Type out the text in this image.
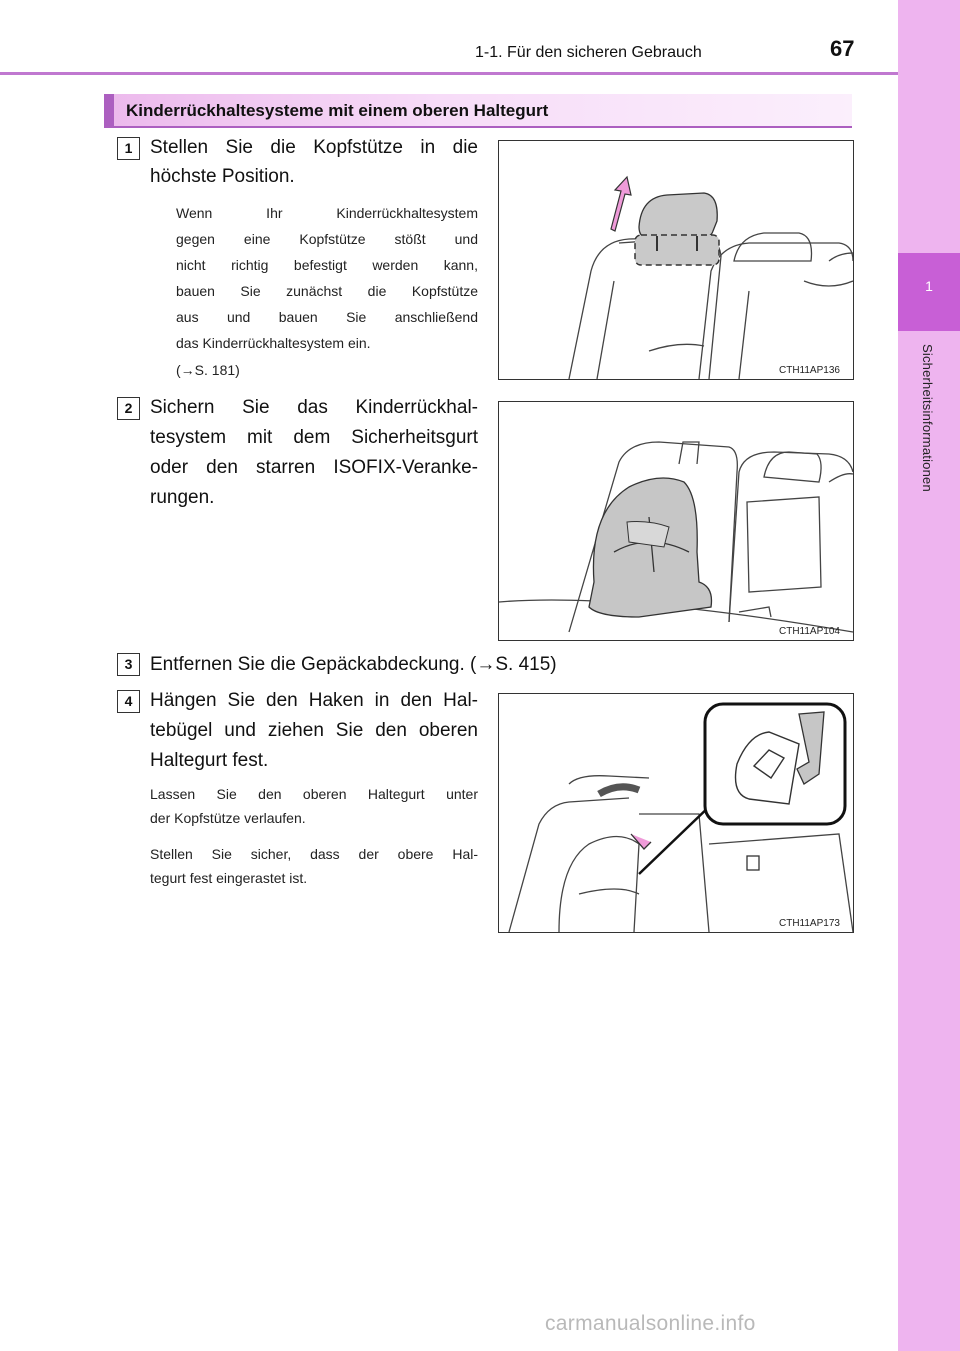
1
Sicherheitsinformationen
1-1. Für den sicheren Gebrauch	67
Kinderrückhaltesysteme mit einem oberen Haltegurt
1 Stellen Sie die Kopfstütze in die
höchste Position.
Wenn Ihr Kinderrückhaltesystem
gegen eine Kopfstütze stößt und
nicht richtig befestigt werden kann,
bauen Sie zunächst die Kopfstütze
aus und bauen Sie anschließend
das Kinderrückhaltesystem ein.
(→S. 181)	CTH11AP136
2 Sichern Sie das Kinderrückhal-
tesystem mit dem Sicherheitsgurt
oder den starren ISOFIX-Veranke-
rungen.
CTH11AP104
3 Entfernen Sie die Gepäckabdeckung. (→S. 415)
4 Hängen Sie den Haken in den Hal-
tebügel und ziehen Sie den oberen
Haltegurt fest.
Lassen Sie den oberen Haltegurt unter
der Kopfstütze verlaufen.
Stellen Sie sicher, dass der obere Hal-
tegurt fest eingerastet ist.
CTH11AP173
carmanualsonline.info
